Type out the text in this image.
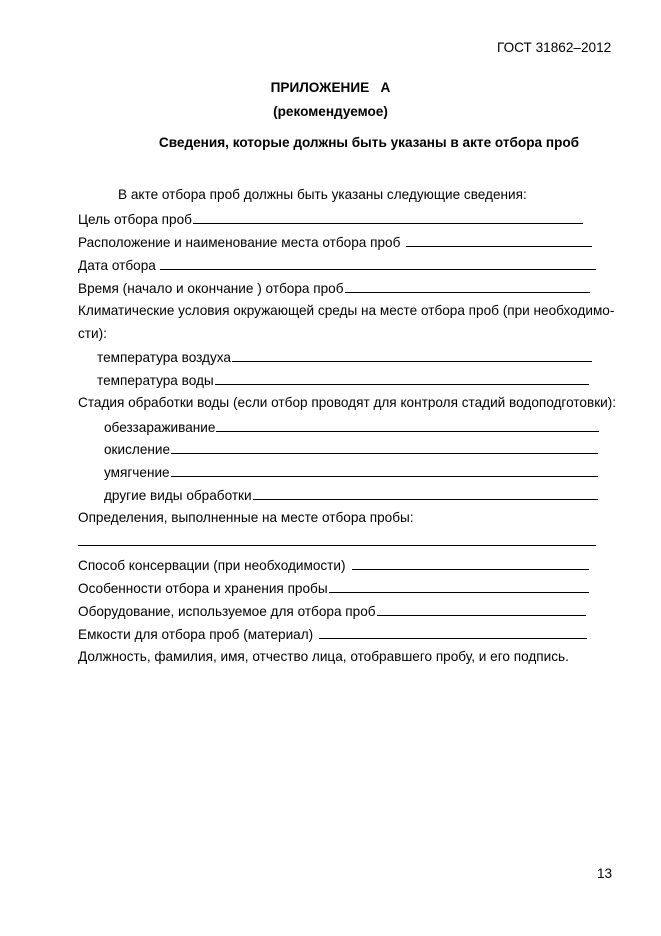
ГОСТ 31862–2012
ПРИЛОЖЕНИЕ   А
(рекомендуемое)
Сведения, которые должны быть указаны в акте отбора проб
В акте отбора проб должны быть указаны следующие сведения:
Цель отбора проб
Расположение и наименование места отбора проб
Дата отбора
Время (начало и окончание ) отбора проб
Климатические условия окружающей среды на месте отбора проб (при необходимо-
сти):
температура воздуха
температура воды
Стадия обработки воды (если отбор проводят для контроля стадий водоподготовки):
обеззараживание
окисление
умягчение
другие виды обработки
Определения, выполненные на месте отбора пробы:
Способ консервации (при необходимости)
Особенности отбора и хранения пробы
Оборудование, используемое для отбора проб
Емкости для отбора проб (материал)
Должность, фамилия, имя, отчество лица, отобравшего пробу, и его подпись.
13
